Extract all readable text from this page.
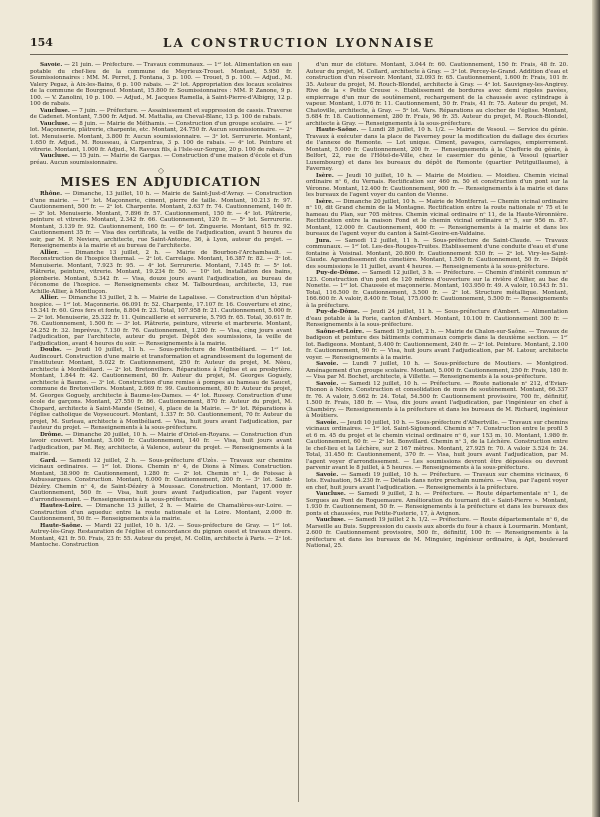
154	LA CONSTRUCTION LYONNAISE

Savoie. — 21 juin. — Préfecture. — Travaux communaux. — 1ᵉʳ lot. Alimentation en eau potable du chef-lieu de la commune de Meyrieux-Trouet. Montant, 5.950 fr. Soumissionnaires : MM. M. Perret, J. Fontana, 3 p. 100. — Trouet, 5 p. 100. — Adjud., M. Valery Pegaz, à Aix-les-Bains, 6 p. 100 rabais. — 2ᵉ lot. Appropriation des locaux scolaires de la commune de Bourgneuf. Montant, 15.800 fr. Soumissionnaires : MM. P. Zanone, 9 p. 100. — V. Zanolini, 10 p. 100. — Adjud., M. Jacques Ramella, à Saint-Pierre-d'Albigny, 12 p. 100 de rabais.

Vaucluse. — 7 juin. — Préfecture. — Assainissement et suppression de cassis. Traverse de Cadenet. Montant, 7.500 fr. Adjud. M. Mattalia, au Cheval-Blanc, 13 p. 100 de rabais.

Vaucluse. — 8 juin. — Mairie de Méthamis. — Construction d'un groupe scolaire. — 1ᵉʳ lot. Maçonnerie, plâtrerie, charpente, etc. Montant, 24.750 fr. Aucun soumissionnaire. — 2ᵉ lot. Menuiserie. Montant, 3.800 fr. Aucun soumissionnaire. — 3ᵉ lot. Serrurerie. Montant, 1.650 fr. Adjud., M. Rousseau, à Carpentras, 3 p. 100 de rabais. — 4ᵉ lot. Peinture et vitrerie. Montant, 1.000 fr. Adjud., M. Ravoux fils, à l'Isle-sur-Sorgue, 20 p. 100 de rabais.

Vaucluse. — 15 juin. — Mairie de Gargas. — Construction d'une maison d'école et d'un préau. Aucun soumissionnaire.

◇
MISES EN ADJUDICATION

Rhône. — Dimanche, 13 juillet, 10 h. — Mairie de Saint-Just-d'Avray. — Construction d'une mairie. — 1ᵉʳ lot. Maçonnerie, ciment, pierre de taille. Montant, 10.213 fr. 97. Cautionnement, 500 fr. — 2ᵉ lot. Charpente. Montant, 2.637 fr. 74. Cautionnement, 140 fr. — 3ᵉ lot. Menuiserie. Montant, 7.896 fr. 57. Cautionnement, 150 fr. — 4ᵉ lot. Plâtrerie, peinture et vitrerie. Montant, 2.342 fr. 66. Cautionnement, 120 fr. — 5ᵉ lot. Serrurerie. Montant, 3.139 fr. 92. Cautionnement, 160 fr. — 6ᵉ lot. Zinguerie. Montant, 615 fr. 92. Cautionnement 35 fr. — Visa des certificats, la veille de l'adjudication, avant 5 heures du soir, par M. P. Neviere, architecte, rue Saint-Antoine, 36, à Lyon, auteur du projet. — Renseignements à la mairie et au bureau de l'architecte.

Allier. — Dimanche 13 juillet, 2 h. — Mairie de Bourbon-l'Archambault. — Reconstruction de l'hospice thermal. — 2ᵉ lot. Carrelage. Montant, 16.387 fr. 82. — 3ᵉ lot. Menuiserie. Montant, 7.923 fr. 95. — 4ᵉ lot. Serrurerie. Montant, 7.145 fr. — 5ᵉ lot. Plâtrerie, peinture, vitrerie. Montant, 19.234 fr. 50. — 10ᵉ lot. Installation des bains, plomberie. Montant, 5.342 fr. — Visa, douze jours avant l'adjudication, au bureau de l'économe de l'hospice. — Renseignements chez M. Talbourdeau, architecte, 13, rue Achille-Allier, à Montluçon.

Allier. — Dimanche 13 juillet, 2 h. — Mairie de Lapalisse. — Construction d'un hôpital-hospice. — 1ᵉʳ lot. Maçonnerie. 66.091 fr. 52. Charpente, 17.107 fr. 16. Couverture et zinc, 15.341 fr. 60. Gros fers et fonte, 8.804 fr. 23. Total, 107.958 fr. 21. Cautionnement, 5.000 fr. — 2ᵉ lot. Menuiserie, 25.322 fr. 11. Quincaillerie et serrurerie, 5.795 fr. 65. Total, 30.617 fr. 76. Cautionnement, 1.500 fr. — 3ᵉ lot. Plâtrerie, peinture, vitrerie et marbrerie. Montant, 24.252 fr. 32. Imprévus, 7.130 fr. 76. Cautionnement, 1.200 fr. — Visa, cinq jours avant l'adjudication, par l'architecte, auteur du projet. Dépôt des soumissions, la veille de l'adjudication, avant 4 heures du soir. — Renseignements à la mairie.

Doubs. — Jeudi 10 juillet, 11 h. — Sous-préfecture de Montbéliard. — 1ᵉʳ lot. Audincourt. Construction d'une mairie et transformation et agrandissement du logement de l'instituteur. Montant, 5.022 fr. Cautionnement, 250 fr. Auteur du projet, M. Nèeu, architecte à Montbéliard. — 2ᵉ lot. Bretonvillers. Réparations à l'église et au presbytère. Montant, 1.844 fr. 42. Cautionnement, 80 fr. Auteur du projet, M. Georges Goguely, architecte à Baume. — 3ᵉ lot. Construction d'une remise à pompes au hameau de Saucet, commune de Bretonvillers. Montant, 2.669 fr. 99. Cautionnement, 80 fr. Auteur du projet, M. Georges Goguely, architecte à Baume-les-Dames. — 4ᵉ lot. Russey. Construction d'une école de garçons. Montant, 27.550 fr. 86. Cautionnement, 870 fr. Auteur du projet, M. Chopard, architecte à Saint-Mande (Seine), 4, place de la Mairie. — 5ᵉ lot. Réparations à l'église catholique de Voyseucourt. Montant, 1.337 fr. 50. Cautionnement, 70 fr. Auteur du projet, M. Surleau, architecte à Montbéliard. — Visa, huit jours avant l'adjudication, par l'auteur du projet. — Renseignements à la sous-préfecture.

Drôme. — Dimanche 20 juillet, 10 h. — Mairie d'Oriol-en-Royans. — Construction d'un lavoir couvert. Montant, 3.000 fr. Cautionnement, 140 fr. — Visa, huit jours avant l'adjudication, par M. Rey, architecte, à Valence, auteur du projet. — Renseignements à la mairie.

Gard. — Samedi 12 juillet, 2 h. — Sous-préfecture d'Uzès. — Travaux sur chemins vicinaux ordinaires. — 1ᵉʳ lot. Dions. Chemin nᵒ 4, de Dions à Nîmes. Construction. Montant, 38.900 fr. Cautionnement, 1.280 fr. — 2ᵉ lot. Chemin nᵒ 1, de Foissac à Aubussargues. Construction. Montant, 6.000 fr. Cautionnement, 200 fr. — 3ᵉ lot. Saint-Dézéry. Chemin nᵒ 4, de Saint-Dézéry à Moussac. Construction. Montant, 17.000 fr. Cautionnement, 560 fr. — Visa, huit jours avant l'adjudication, par l'agent voyer d'arrondissement. — Renseignements à la sous-préfecture.

Hautes-Loire. — Dimanche 13 juillet, 2 h. — Mairie de Chamalières-sur-Loire. — Construction d'un aqueduc entre la route nationale et la Loire. Montant, 2.000 fr. Cautionnement, 50 fr. — Renseignements à la mairie.

Haute-Saône. — Mardi 22 juillet, 10 h. 1/2. — Sous-préfecture de Gray. — 1ᵉʳ lot. Autrey-lès-Gray. Restauration de l'église et concordance du pignon ouest et travaux divers. Montant, 421 fr. 50. Frais, 23 fr. 55. Auteur du projet, M. Collin, architecte à Paris. — 2ᵉ lot. Mantoche. Construction

d'un mur de clôture. Montant, 3.044 fr. 60. Cautionnement, 150 fr. Frais, 48 fr. 20. Auteur du projet, M. Collard, architecte à Gray. — 3ᵉ lot. Percey-le-Grand. Addition d'eau et construction d'un réservoir. Montant, 32.093 fr. 65. Cautionnement, 1.600 fr. Frais, 101 fr. 35. Auteur du projet, M. Rouch-Blondel, architecte à Gray. — 4ᵉ lot. Sauvigney-les-Angirey. Rive de la « Petite Creuse ». Etablissement de bordures avec demi rigoles pavées, empierrage d'un mur de soutènement, rechargement de la chaussée avec cylindrage à vapeur. Montant, 1.076 fr. 11. Cautionnement, 50 fr. Frais, 41 fr. 75. Auteur du projet, M. Chatoville, architecte, à Gray. — 5ᵉ lot. Vars. Réparations au clocher de l'église. Montant, 5.684 fr. 18. Cautionnement, 280 fr. Frais, 96 fr. 35. Auteur du projet, M. Rouch-Blondel, architecte à Gray. — Renseignements à la sous-préfecture.

Haute-Saône. — Lundi 28 juillet, 10 h. 1/2. — Mairie de Vesoul. — Service du génie. Travaux à exécuter dans la place de Faverney pour la modification du dallage des écuries de l'annexe de Remonte. — Lot unique. Ciment, pavages, carrelages, empierrement. Montant, 5.000 fr. Cautionnement, 200 fr. — Renseignements à la Chefferie du génie, à Belfort, 22, rue de l'Hôtel-de-Ville, chez le casernier du génie, à Vesoul (quartier Luxembourg) et dans les bureaux du dépôt de Remonte (quartier Petitguillaume), à Faverney.

Isère. — Jeudi 10 juillet, 10 h. — Mairie de Moidieu. — Moidieu. Chemin vicinal ordinaire nᵒ 6, du Vernais. Rectification sur 460 m. 50 et construction d'un pont sur la Véronne. Montant, 12.400 fr. Cautionnement, 900 fr. — Renseignements à la mairie et dans les bureaux de l'agent voyer du canton de Vienne.

Isère. — Dimanche 20 juillet, 10 h. — Mairie de Montferrat. — Chemin vicinal ordinaire nᵒ 10, dit Grand chemin de la Montagne. Rectification entre la route nationale nᵒ 75 et le hameau du Plan, sur 705 mètres. Chemin vicinal ordinaire nᵒ 11, de la Haute-Véronnière. Rectification entre la maison Fond et le chemin vicinal ordinaire nᵒ 5, sur 956 m. 87. Montant, 12.000 fr. Cautionnement, 400 fr. — Renseignements à la mairie et dans les bureaux de l'agent voyer du canton à Saint-Geoire-en-Valdaine.

Jura. — Samedi 12 juillet, 11 h. — Sous-préfecture de Saint-Claude. — Travaux communaux. — 1ᵉʳ lot. Les-des-Rouges-Truites. Etablissement d'une conduite d'eau et d'une fontaine à Voisinal. Montant, 20.800 fr. Cautionnement 530 fr. — 2ᵉ lot. Viry-les-Saint-Claude. Agrandissement du cimetière. Montant, 1.500 fr. Cautionnement, 50 fr. — Dépôt des soumissions le 11 juillet, avant 4 heures. — Renseignements à la sous-préfecture.

Puy-de-Dôme. — Samedi 12 juillet, 3 h. — Préfecture. — Chemin d'intérêt commun nᵒ 123. Construction d'un pont de 120 mètres d'ouverture sur la rivière d'Allier, au bac de Nonette. — 1ᵉʳ lot. Chaussée et maçonnerie. Montant, 103.950 fr. 49. A valoir, 10.543 fr. 51. Total, 116.500 fr. Cautionnement, 3.500 fr. — 2ᵉ lot. Structure métallique. Montant, 166.600 fr. A valoir, 8.400 fr. Total, 175.000 fr. Cautionnement, 5.500 fr. — Renseignements à la préfecture.

Puy-de-Dôme. — Jeudi 24 juillet, 11 h. — Sous-préfecture d'Ambert. — Alimentation d'eau potable à la Forie, canton d'Ambert. Montant, 10.100 fr. Cautionnement 300 fr. — Renseignements à la sous-préfecture.

Saône-et-Loire. — Samedi 19 juillet, 2 h. — Mairie de Chalon-sur-Saône. — Travaux de badigeon et peinture des bâtiments communaux compris dans la deuxième section. — 1ᵉʳ lot. Badigeons. Montant, 5.400 fr. Cautionnement, 240 fr. — 2ᵉ lot. Peinture. Montant, 2.100 fr. Cautionnement, 90 fr. — Visa, huit jours avant l'adjudication, par M. Latour, architecte voyer. — Renseignements à la mairie.

Savoie. — Lundi 7 juillet, 10 h. — Sous-préfecture de Moutiers. — Montgirod. Aménagement d'un groupe scolaire. Montant, 5.000 fr. Cautionnement, 250 fr. Frais, 180 fr. — Visa par M. Bochet, architecte, à Villette. — Renseignements à la sous-préfecture.

Savoie. — Samedi 12 juillet, 10 h. — Préfecture. — Route nationale nᵒ 212, d'Evian-Thonon à Notre. Construction et consolidation de murs de soutènement. Montant, 66.337 fr. 76. A valoir, 5.662 fr. 24. Total, 54.500 fr. Cautionnement provisoire, 700 fr., définitif, 1.500 fr. Frais, 180 fr. — Visa, dix jours avant l'adjudication, par l'ingénieur en chef à Chambéry. — Renseignements à la préfecture et dans les bureaux de M. Richard, ingénieur à Moûtiers.

Savoie. — Jeudi 10 juillet, 10 h. — Sous-préfecture d'Albertville. — Travaux sur chemins vicinaux ordinaires. — 1ᵉʳ lot. Saint-Sigismond. Chemin nᵒ 7. Construction entre le profil 5 et 6 m. 45 du projet et le chemin vicinal ordinaire nᵒ 6, sur 153 m. 10. Montant, 1.980 fr. Cautionnement, 60 fr. — 2ᵉ lot. Bonvillard. Chemin nᵒ 3, de la Léchère. Construction entre le chef-lieu et la Léchère, sur 2 167 mètres. Montant, 27.925 fr. 70. A valoir 3.524 fr. 24. Total, 31.450 fr. Cautionnement, 370 fr. — Visa, huit jours avant l'adjudication, par M. l'agent voyer d'arrondissement. — Les soumissions devront être déposées ou devront parvenir avant le 8 juillet, à 5 heures. — Renseignements à la sous-préfecture.

Savoie. — Samedi 19 juillet, 10 h. — Préfecture. — Travaux sur chemins vicinaux, 6 lots. Evaluation, 54.230 fr. — Détails dans notre prochain numéro. — Visa, par l'agent voyer en chef, huit jours avant l'adjudication. — Renseignements à la préfecture.

Vaucluse. — Samedi 9 juillet, 2 h. — Préfecture. — Route départementale nᵒ 1, de Sorgues au Pont de Roquemaure. Amélioration du tournant dit « Saint-Pierre ». Montant, 1.930 fr. Cautionnement, 50 fr. — Renseignements à la préfecture et dans les bureaux des ponts et chaussées, rue Petite-Fusterie, 17, à Avignon.

Vaucluse. — Samedi 19 juillet 2 h. 1/2. — Préfecture. — Route départementale nᵒ 6, de Marseille au Buis. Suppression du cassis aux abords du four à chaux à Lourmarin. Montant, 2.600 fr. Cautionnement provisoire, 500 fr., définitif, 100 fr. — Renseignements à la préfecture et dans les bureaux de M. Minguier, ingénieur ordinaire, à Apt, boulevard National, 25.
